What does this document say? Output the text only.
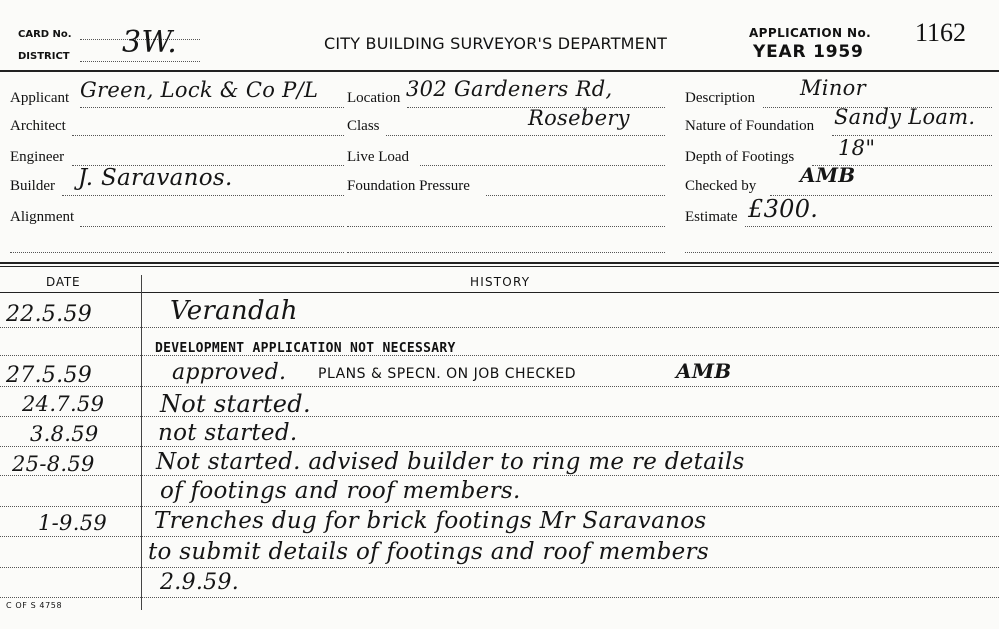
CARD No.
DISTRICT 3W.	CITY BUILDING SURVEYOR'S DEPARTMENT
APPLICATION No. 1162
YEAR 1959
Applicant Green, Lock & Co P/L
Architect
Engineer
Builder J. Saravanos.
Alignment
Location 302 Gardeners Rd,
Class	Rosebery
Live Load
Foundation Pressure
Description Minor
Nature of Foundation Sandy Loam.
Depth of Footings 18"
Checked by AMB
Estimate £300.
DATE	HISTORY
22.5.59	Verandah
DEVELOPMENT APPLICATION NOT NECESSARY
27.5.59	approved. PLANS & SPECN. ON JOB CHECKED	AMB
24.7.59 Not started.
3.8.59	not started.
25-8.59	Not started. advised builder to ring me re details
of footings and roof members.
1-9.59 Trenches dug for brick footings Mr Saravanos
to submit details of footings and roof members
2.9.59.
C OF S 4758
